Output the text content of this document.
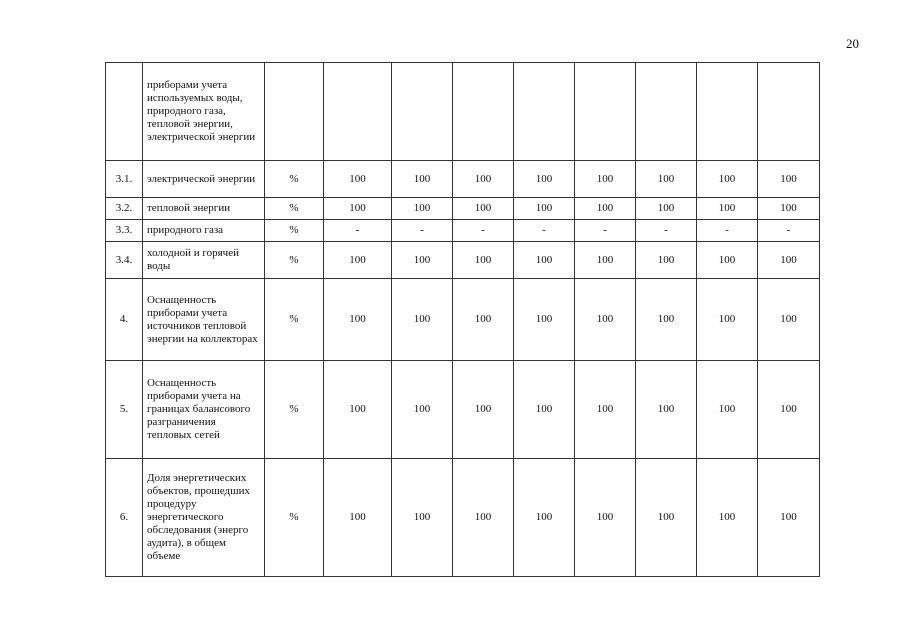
20
	приборами учета используемых воды, природного газа, тепловой энергии, электрической энергии									
3.1.	электрической энергии	%	100	100	100	100	100	100	100	100
3.2.	тепловой энергии	%	100	100	100	100	100	100	100	100
3.3.	природного газа	%	-	-	-	-	-	-	-	-
3.4.	холодной и горячей воды	%	100	100	100	100	100	100	100	100
4.	Оснащенность приборами учета источников тепловой энергии на коллекторах	%	100	100	100	100	100	100	100	100
5.	Оснащенность приборами учета на границах балансового разграничения тепловых сетей	%	100	100	100	100	100	100	100	100
6.	Доля энергетических объектов, прошедших процедуру энергетического обследования (энерго аудита), в общем объеме	%	100	100	100	100	100	100	100	100
